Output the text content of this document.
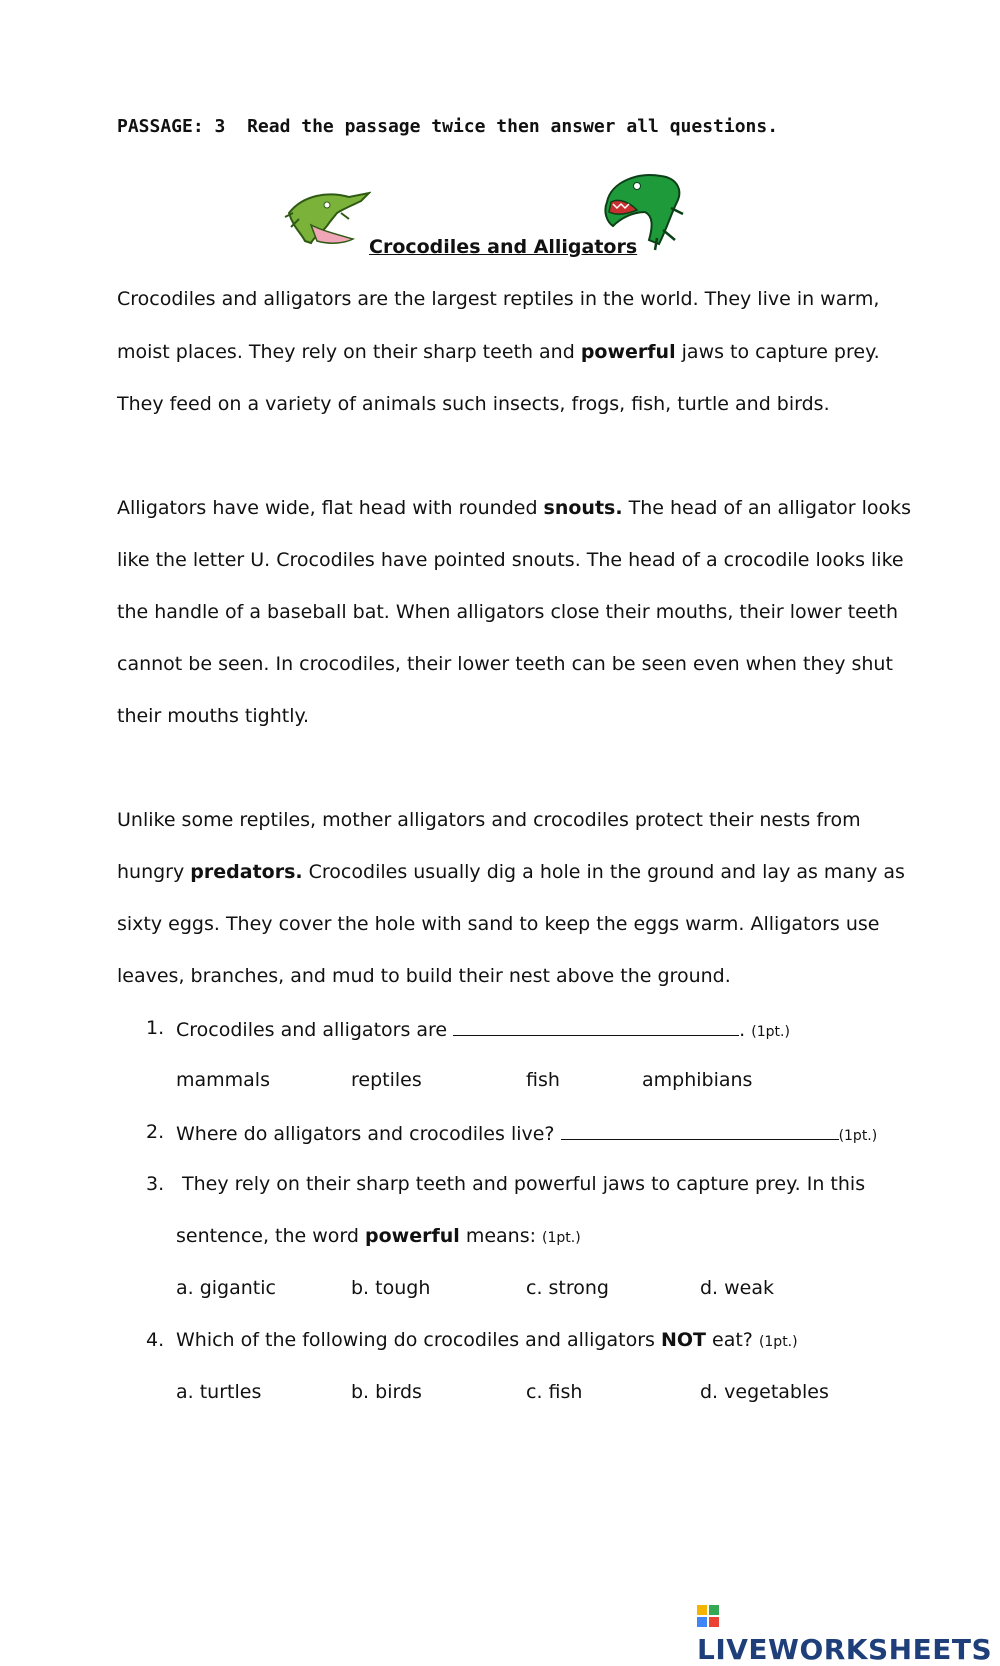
PASSAGE: 3 Read the passage twice then answer all questions.
Crocodiles and Alligators
Crocodiles and alligators are the largest reptiles in the world. They live in warm,
moist places. They rely on their sharp teeth and powerful jaws to capture prey.
They feed on a variety of animals such insects, frogs, fish, turtle and birds.
Alligators have wide, flat head with rounded snouts. The head of an alligator looks
like the letter U. Crocodiles have pointed snouts. The head of a crocodile looks like
the handle of a baseball bat. When alligators close their mouths, their lower teeth
cannot be seen. In crocodiles, their lower teeth can be seen even when they shut
their mouths tightly.
Unlike some reptiles, mother alligators and crocodiles protect their nests from
hungry predators. Crocodiles usually dig a hole in the ground and lay as many as
sixty eggs. They cover the hole with sand to keep the eggs warm. Alligators use
leaves, branches, and mud to build their nest above the ground.
1. Crocodiles and alligators are	. (1pt.)
mammals	reptiles	fish	amphibians
2. Where do alligators and crocodiles live?	(1pt.)
3. They rely on their sharp teeth and powerful jaws to capture prey. In this
sentence, the word powerful means: (1pt.)
a. gigantic	b. tough	c. strong	d. weak
4. Which of the following do crocodiles and alligators NOT eat? (1pt.)
a. turtles	b. birds	c. fish	d. vegetables
LIVEWORKSHEETS
